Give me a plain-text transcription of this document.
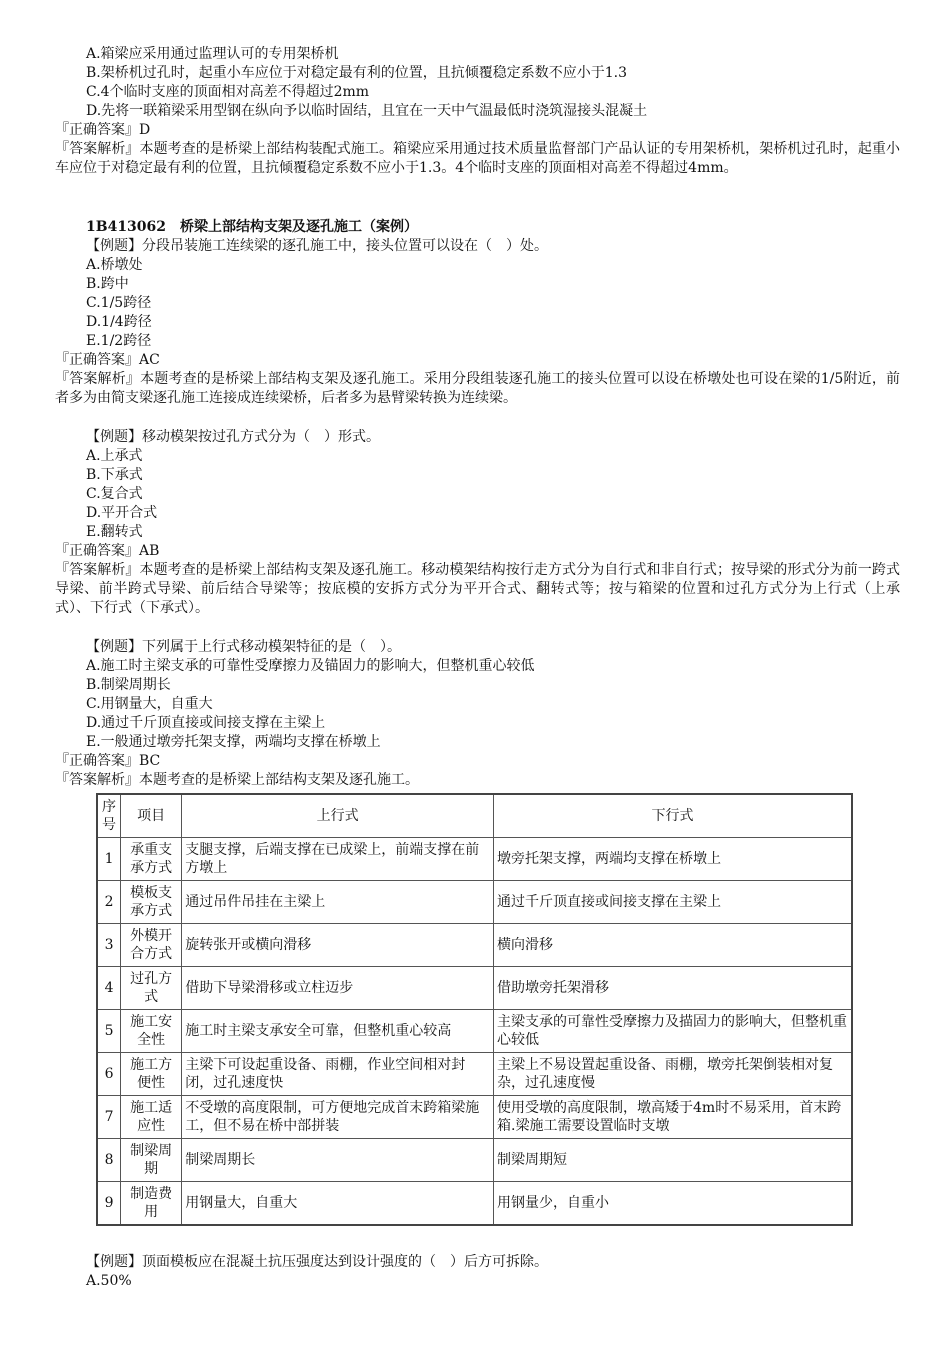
A.箱梁应采用通过监理认可的专用架桥机
B.架桥机过孔时，起重小车应位于对稳定最有利的位置，且抗倾覆稳定系数不应小于1.3
C.4个临时支座的顶面相对高差不得超过2mm
D.先将一联箱梁采用型钢在纵向予以临时固结，且宜在一天中气温最低时浇筑湿接头混凝土
『正确答案』D
『答案解析』本题考查的是桥梁上部结构装配式施工。箱梁应采用通过技术质量监督部门产品认证的专用架桥机，架桥机过孔时，起重小车应位于对稳定最有利的位置，且抗倾覆稳定系数不应小于1.3。4个临时支座的顶面相对高差不得超过4mm。
1B413062　桥梁上部结构支架及逐孔施工（案例）
【例题】分段吊装施工连续梁的逐孔施工中，接头位置可以设在（　）处。
A.桥墩处
B.跨中
C.1/5跨径
D.1/4跨径
E.1/2跨径
『正确答案』AC
『答案解析』本题考查的是桥梁上部结构支架及逐孔施工。采用分段组装逐孔施工的接头位置可以设在桥墩处也可设在梁的1/5附近，前者多为由简支梁逐孔施工连接成连续梁桥，后者多为悬臂梁转换为连续梁。
【例题】移动模架按过孔方式分为（　）形式。
A.上承式
B.下承式
C.复合式
D.平开合式
E.翻转式
『正确答案』AB
『答案解析』本题考查的是桥梁上部结构支架及逐孔施工。移动模架结构按行走方式分为自行式和非自行式；按导梁的形式分为前一跨式导梁、前半跨式导梁、前后结合导梁等；按底模的安拆方式分为平开合式、翻转式等；按与箱梁的位置和过孔方式分为上行式（上承式）、下行式（下承式）。
【例题】下列属于上行式移动模架特征的是（　）。
A.施工时主梁支承的可靠性受摩擦力及锚固力的影响大，但整机重心较低
B.制梁周期长
C.用钢量大，自重大
D.通过千斤顶直接或间接支撑在主梁上
E.一般通过墩旁托架支撑，两端均支撑在桥墩上
『正确答案』BC
『答案解析』本题考查的是桥梁上部结构支架及逐孔施工。
序号	项目	上行式	下行式
1	承重支承方式	支腿支撑，后端支撑在已成梁上，前端支撑在前方墩上	墩旁托架支撑，两端均支撑在桥墩上
2	模板支承方式	通过吊件吊挂在主梁上	通过千斤顶直接或间接支撑在主梁上
3	外模开合方式	旋转张开或横向滑移	横向滑移
4	过孔方式	借助下导梁滑移或立柱迈步	借助墩旁托架滑移
5	施工安全性	施工时主梁支承安全可靠，但整机重心较高	主梁支承的可靠性受摩擦力及描固力的影响大，但整机重心较低
6	施工方便性	主梁下可设起重设备、雨棚，作业空间相对封闭，过孔速度快	主梁上不易设置起重设备、雨棚，墩旁托架倒装相对复杂，过孔速度慢
7	施工适应性	不受墩的高度限制，可方便地完成首末跨箱梁施工，但不易在桥中部拼装	使用受墩的高度限制，墩高矮于4m时不易采用，首末跨箱.梁施工需要设置临时支墩
8	制梁周期	制梁周期长	制梁周期短
9	制造费用	用钢量大，自重大	用钢量少，自重小
【例题】顶面模板应在混凝土抗压强度达到设计强度的（　）后方可拆除。
A.50%
